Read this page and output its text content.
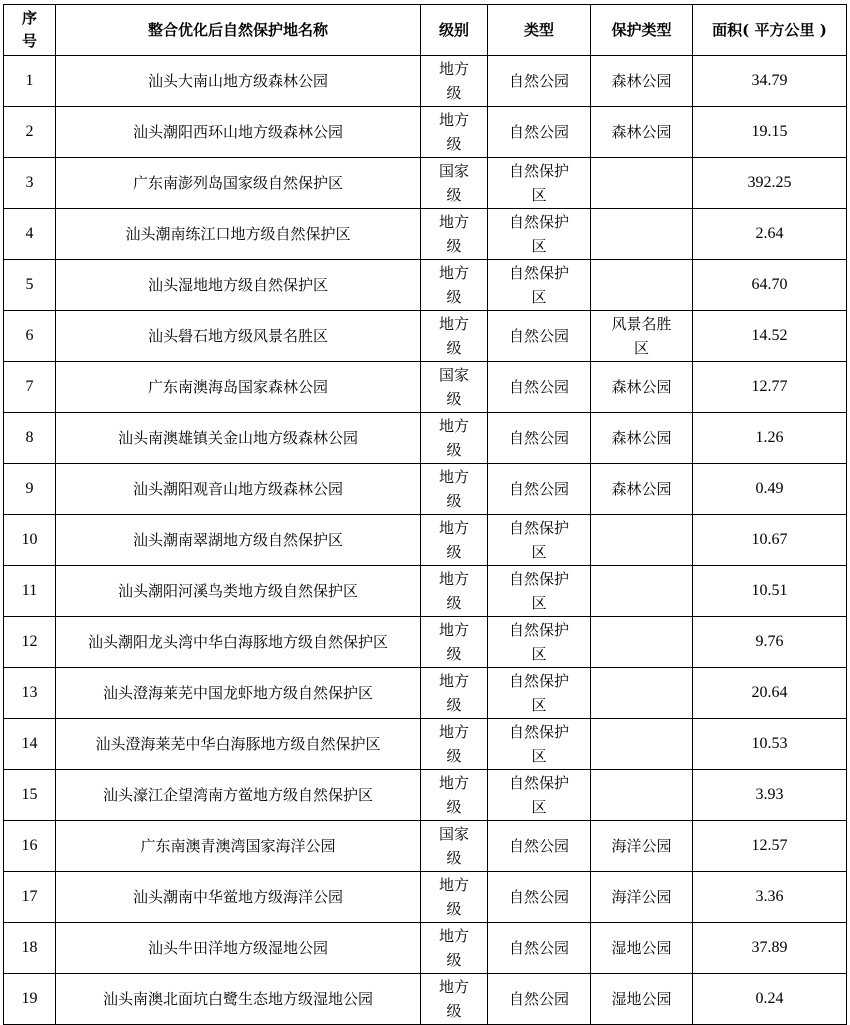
序号	整合优化后自然保护地名称	级别	类型	保护类型	面积( 平方公里 )
1	汕头大南山地方级森林公园	地方级	自然公园	森林公园	34.79
2	汕头潮阳西环山地方级森林公园	地方级	自然公园	森林公园	19.15
3	广东南澎列岛国家级自然保护区	国家级	自然保护区		392.25
4	汕头潮南练江口地方级自然保护区	地方级	自然保护区		2.64
5	汕头湿地地方级自然保护区	地方级	自然保护区		64.70
6	汕头礐石地方级风景名胜区	地方级	自然公园	风景名胜区	14.52
7	广东南澳海岛国家森林公园	国家级	自然公园	森林公园	12.77
8	汕头南澳雄镇关金山地方级森林公园	地方级	自然公园	森林公园	1.26
9	汕头潮阳观音山地方级森林公园	地方级	自然公园	森林公园	0.49
10	汕头潮南翠湖地方级自然保护区	地方级	自然保护区		10.67
11	汕头潮阳河溪鸟类地方级自然保护区	地方级	自然保护区		10.51
12	汕头潮阳龙头湾中华白海豚地方级自然保护区	地方级	自然保护区		9.76
13	汕头澄海莱芜中国龙虾地方级自然保护区	地方级	自然保护区		20.64
14	汕头澄海莱芜中华白海豚地方级自然保护区	地方级	自然保护区		10.53
15	汕头濠江企望湾南方鲎地方级自然保护区	地方级	自然保护区		3.93
16	广东南澳青澳湾国家海洋公园	国家级	自然公园	海洋公园	12.57
17	汕头潮南中华鲎地方级海洋公园	地方级	自然公园	海洋公园	3.36
18	汕头牛田洋地方级湿地公园	地方级	自然公园	湿地公园	37.89
19	汕头南澳北面坑白鹭生态地方级湿地公园	地方级	自然公园	湿地公园	0.24
